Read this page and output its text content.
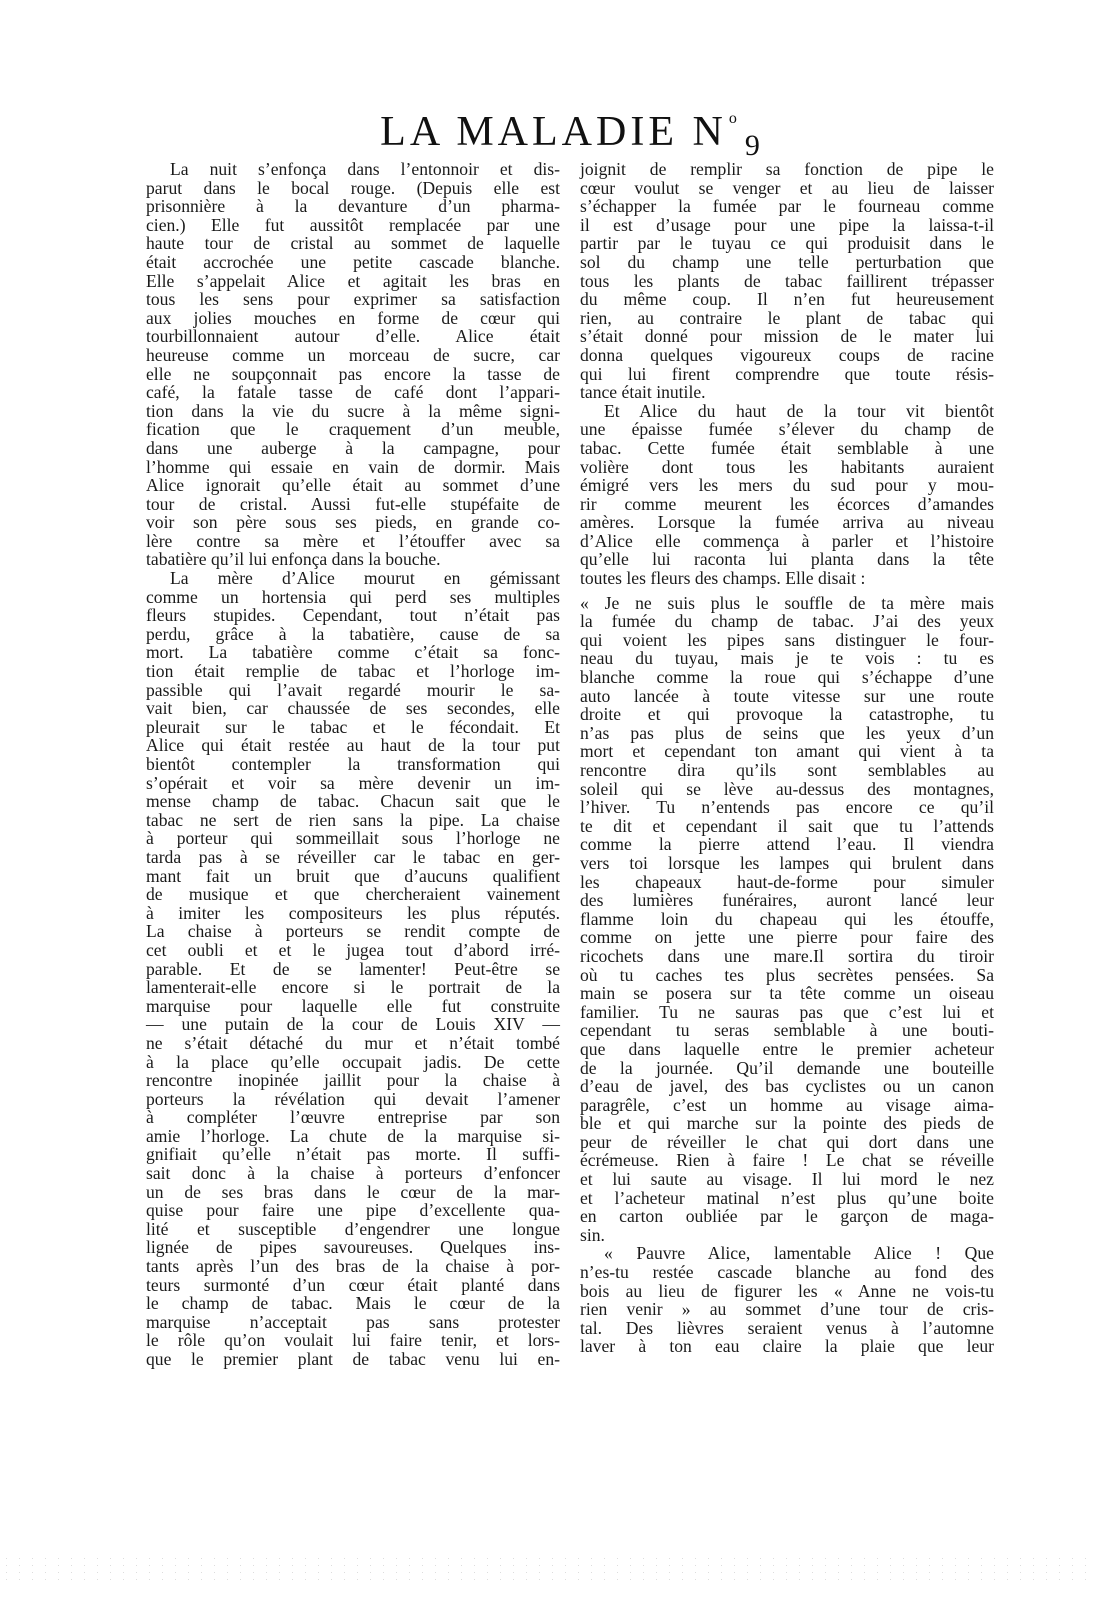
LA MALADIE N $^o_9$
La nuit s’enfonça dans l’entonnoir et dis-
parut dans le bocal rouge. (Depuis elle est
prisonnière à la devanture d’un pharma-
cien.) Elle fut aussitôt remplacée par une
haute tour de cristal au sommet de laquelle
était accrochée une petite cascade blanche.
Elle s’appelait Alice et agitait les bras en
tous les sens pour exprimer sa satisfaction
aux jolies mouches en forme de cœur qui
tourbillonnaient autour d’elle. Alice était
heureuse comme un morceau de sucre, car
elle ne soupçonnait pas encore la tasse de
café, la fatale tasse de café dont l’appari-
tion dans la vie du sucre à la même signi-
fication que le craquement d’un meuble,
dans une auberge à la campagne, pour
l’homme qui essaie en vain de dormir. Mais
Alice ignorait qu’elle était au sommet d’une
tour de cristal. Aussi fut-elle stupéfaite de
voir son père sous ses pieds, en grande co-
lère contre sa mère et l’étouffer avec sa
tabatière qu’il lui enfonça dans la bouche.
La mère d’Alice mourut en gémissant
comme un hortensia qui perd ses multiples
fleurs stupides. Cependant, tout n’était pas
perdu, grâce à la tabatière, cause de sa
mort. La tabatière comme c’était sa fonc-
tion était remplie de tabac et l’horloge im-
passible qui l’avait regardé mourir le sa-
vait bien, car chaussée de ses secondes, elle
pleurait sur le tabac et le fécondait. Et
Alice qui était restée au haut de la tour put
bientôt contempler la transformation qui
s’opérait et voir sa mère devenir un im-
mense champ de tabac. Chacun sait que le
tabac ne sert de rien sans la pipe. La chaise
à porteur qui sommeillait sous l’horloge ne
tarda pas à se réveiller car le tabac en ger-
mant fait un bruit que d’aucuns qualifient
de musique et que chercheraient vainement
à imiter les compositeurs les plus réputés.
La chaise à porteurs se rendit compte de
cet oubli et et le jugea tout d’abord irré-
parable. Et de se lamenter! Peut-être se
lamenterait-elle encore si le portrait de la
marquise pour laquelle elle fut construite
— une putain de la cour de Louis XIV —
ne s’était détaché du mur et n’était tombé
à la place qu’elle occupait jadis. De cette
rencontre inopinée jaillit pour la chaise à
porteurs la révélation qui devait l’amener
à compléter l’œuvre entreprise par son
amie l’horloge. La chute de la marquise si-
gnifiait qu’elle n’était pas morte. Il suffi-
sait donc à la chaise à porteurs d’enfoncer
un de ses bras dans le cœur de la mar-
quise pour faire une pipe d’excellente qua-
lité et susceptible d’engendrer une longue
lignée de pipes savoureuses. Quelques ins-
tants après l’un des bras de la chaise à por-
teurs surmonté d’un cœur était planté dans
le champ de tabac. Mais le cœur de la
marquise n’acceptait pas sans protester
le rôle qu’on voulait lui faire tenir, et lors-
que le premier plant de tabac venu lui en-
joignit de remplir sa fonction de pipe le
cœur voulut se venger et au lieu de laisser
s’échapper la fumée par le fourneau comme
il est d’usage pour une pipe la laissa-t-il
partir par le tuyau ce qui produisit dans le
sol du champ une telle perturbation que
tous les plants de tabac faillirent trépasser
du même coup. Il n’en fut heureusement
rien, au contraire le plant de tabac qui
s’était donné pour mission de le mater lui
donna quelques vigoureux coups de racine
qui lui firent comprendre que toute résis-
tance était inutile.
Et Alice du haut de la tour vit bientôt
une épaisse fumée s’élever du champ de
tabac. Cette fumée était semblable à une
volière dont tous les habitants auraient
émigré vers les mers du sud pour y mou-
rir comme meurent les écorces d’amandes
amères. Lorsque la fumée arriva au niveau
d’Alice elle commença à parler et l’histoire
qu’elle lui raconta lui planta dans la tête
toutes les fleurs des champs. Elle disait :
« Je ne suis plus le souffle de ta mère mais
la fumée du champ de tabac. J’ai des yeux
qui voient les pipes sans distinguer le four-
neau du tuyau, mais je te vois : tu es
blanche comme la roue qui s’échappe d’une
auto lancée à toute vitesse sur une route
droite et qui provoque la catastrophe, tu
n’as pas plus de seins que les yeux d’un
mort et cependant ton amant qui vient à ta
rencontre dira qu’ils sont semblables au
soleil qui se lève au-dessus des montagnes,
l’hiver. Tu n’entends pas encore ce qu’il
te dit et cependant il sait que tu l’attends
comme la pierre attend l’eau. Il viendra
vers toi lorsque les lampes qui brulent dans
les chapeaux haut-de-forme pour simuler
des lumières funéraires, auront lancé leur
flamme loin du chapeau qui les étouffe,
comme on jette une pierre pour faire des
ricochets dans une mare.Il sortira du tiroir
où tu caches tes plus secrètes pensées. Sa
main se posera sur ta tête comme un oiseau
familier. Tu ne sauras pas que c’est lui et
cependant tu seras semblable à une bouti-
que dans laquelle entre le premier acheteur
de la journée. Qu’il demande une bouteille
d’eau de javel, des bas cyclistes ou un canon
paragrêle, c’est un homme au visage aima-
ble et qui marche sur la pointe des pieds de
peur de réveiller le chat qui dort dans une
écrémeuse. Rien à faire ! Le chat se réveille
et lui saute au visage. Il lui mord le nez
et l’acheteur matinal n’est plus qu’une boite
en carton oubliée par le garçon de maga-
sin.
« Pauvre Alice, lamentable Alice ! Que
n’es-tu restée cascade blanche au fond des
bois au lieu de figurer les « Anne ne vois-tu
rien venir » au sommet d’une tour de cris-
tal. Des lièvres seraient venus à l’automne
laver à ton eau claire la plaie que leur
